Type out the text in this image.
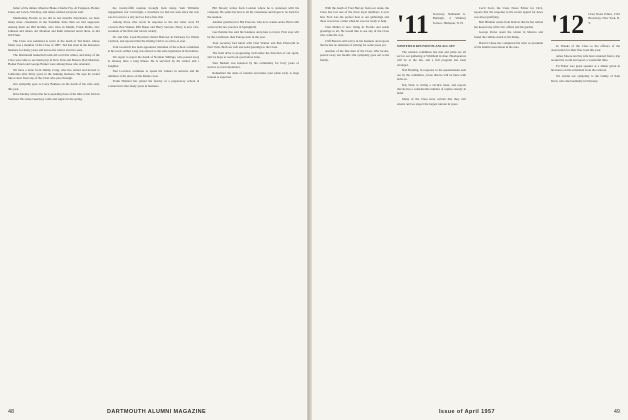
father of the dinner. Maurice Blake, Charlie Fay, Al Ferguson, Homer Jones, Art Lewis, Win Ray, and others wished everyone well.

Mentioning Florida as we did in last month's Newsletter, we have many more classmates in the Sunshine State than we had supposed. Among them are Bill Rollins, who lives in Miami, Frank Hollis, Doc Johnson and others. Art Moulton and Ruth wintered down there, as did Jim Fiske.

The Class was saddened to learn of the death of Ted Rand, whose father was a member of the Class of 1887. Ted had been in the insurance business for many years and leaves his widow and two sons.

The Dartmouth basketball team did well this winter, and many of the Class were able to see them play in New York and Boston. Bob Moulton, Homer Eaton and George Barker were among those who attended.

We have a letter from Jimmy Craig, who has retired and moved to California after thirty years in the banking business. He says he would like to hear from any of the Class who pass through.

Our sympathy goes to Larry Bankers on the death of his wife early this year.

Dave Dudley writes that he is spending most of his time at his farm in Vermont. He raises Guernsey cattle and sugars in the spring.

the twenty-fifth reunion brought back many. Sam Williams' engagement, nor Cartwright, a classmate we had not seen since the war, was in town for a day and we had a fine visit.

Among those who wrote in response to the last letter were Ed Caswell, Ben Walker, Phil Baker and Harry Stevens. Harry is now vice-president of his firm and travels widely.

Dr. and Mrs. Leon Bowman visited Hanover in February for Winter Carnival, and reported that the Outing Club is as active as ever.

Tom Goodrich has been appointed chairman of the school committee in his town. Arthur Lang was elected to the state legislature in November.

We regret to report the death of Norman Stillings, who passed away in January after a long illness. He is survived by his widow and a daughter.

Ned Lovelace continues to spend his winters in Arizona and his summers at his place on the Maine coast.

Frank Holland has joined the faculty of a preparatory school in Connecticut after many years in business.

Bill Moody writes from London where he is stationed with his company. He sends his best to all his classmates and hopes to be back for the reunion.

Another grandson for Hal Prescott, who now counts seven. Hal is still active in his law practice in Springfield.

Gus Perkins has sold his business and plans to travel. First stop will be the Caribbean, then Europe later in the year.

Your secretary had lunch with Chet Warner and Bob Ellsworth in New York. Both are well and send greetings to the Class.

The fund drive is progressing well under the direction of our agent, and we hope to reach our goal before June.

Stan Haskell was honored by his community for forty years of service as town moderator.

Remember the dates of reunion and make your plans early. A large turnout is expected.

48	DARTMOUTH ALUMNI MAGAZINE

With the death of Fred Harvey from our ranks, the Class has lost one of the most loyal members it ever had. Fred was the perfect host at our gatherings and there was never a time when he was not ready to help.

Chet Muller is now living in Florida and sends greetings to all. He would like to see any of the Class who come his way.

Cliff Bond is still active in his business and reports that he has no intention of retiring for some years yet.

Another of the fine men of the Class, Win Jacobs, passed away last month. Our sympathy goes out to his family.

'11	Secretary, Nathaniel G. Burleigh, 4 Whitney Terrace, Hampton, N. H.

WHITFIELD REUNION PLANS ALL SET

The reunion committee has met and plans are all set for our gathering at Whitfield in June. Headquarters will be at the inn, and a full program has been arranged.

Ned Harding, in response to the questionnaire sent out by the committee, wrote that he will be there with bells on.

Ray Neal, is wiring a circular letter, and reports that he has a considerable number of replies already in hand.

Many of the Class have written that they will attend, and we expect the largest turnout in years.

Cecil Scott, the Class Notes Editor for 1912, reports that the response to his recent appeal for news was most gratifying.

Bert Hinman writes from Denver that he has retired but keeps busy with civic affairs and his garden.

George Porter spent the winter in Mexico and found the climate much to his liking.

Harold Chase has completed his term as president of the alumni association in his area.

'12	Class Notes Editor, 1501 Broadway, New York, N. Y.

In Thanks of the Class to the officers of the Association for their fine work this year.

Ames Moore and his wife have returned from a trip around the world and report a wonderful time.

Ed Fisher was guest speaker at a dinner given in his honor on his retirement from the railroad.

We extend our sympathy to the family of Paul Drew, who died suddenly in February.

Issue of April 1957	49
